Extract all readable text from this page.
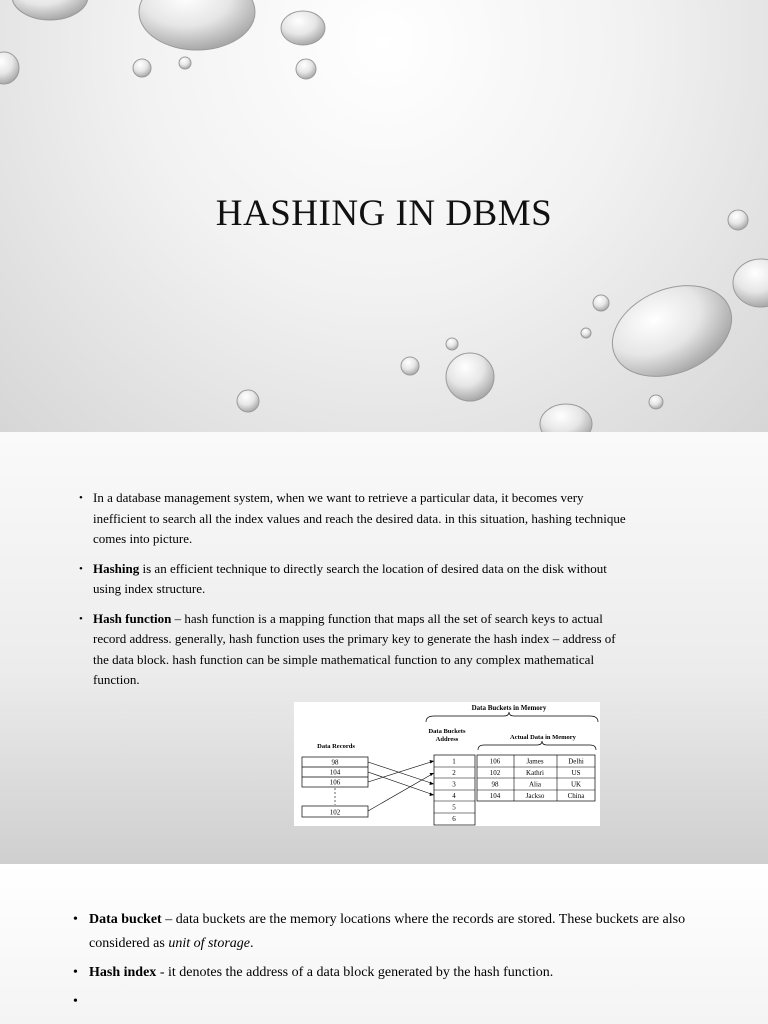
HASHING IN DBMS
• In a database management system, when we want to retrieve a particular data, it becomes very inefficient to search all the index values and reach the desired data. in this situation, hashing technique comes into picture.
• Hashing is an efficient technique to directly search the location of desired data on the disk without using index structure.
• Hash function – hash function is a mapping function that maps all the set of search keys to actual record address. generally, hash function uses the primary key to generate the hash index – address of the data block. hash function can be simple mathematical function to any complex mathematical function.
Data Buckets in Memory
Data Buckets
Address	Actual Data in Memory
Data Records
98
104
106
102
1
2
3
4
5
6
106	James	Delhi
102	Kathri	US
98	Alia	UK
104	Jackso	China
• Data bucket – data buckets are the memory locations where the records are stored. These buckets are also considered as unit of storage.
• Hash index - it denotes the address of a data block generated by the hash function.
•
